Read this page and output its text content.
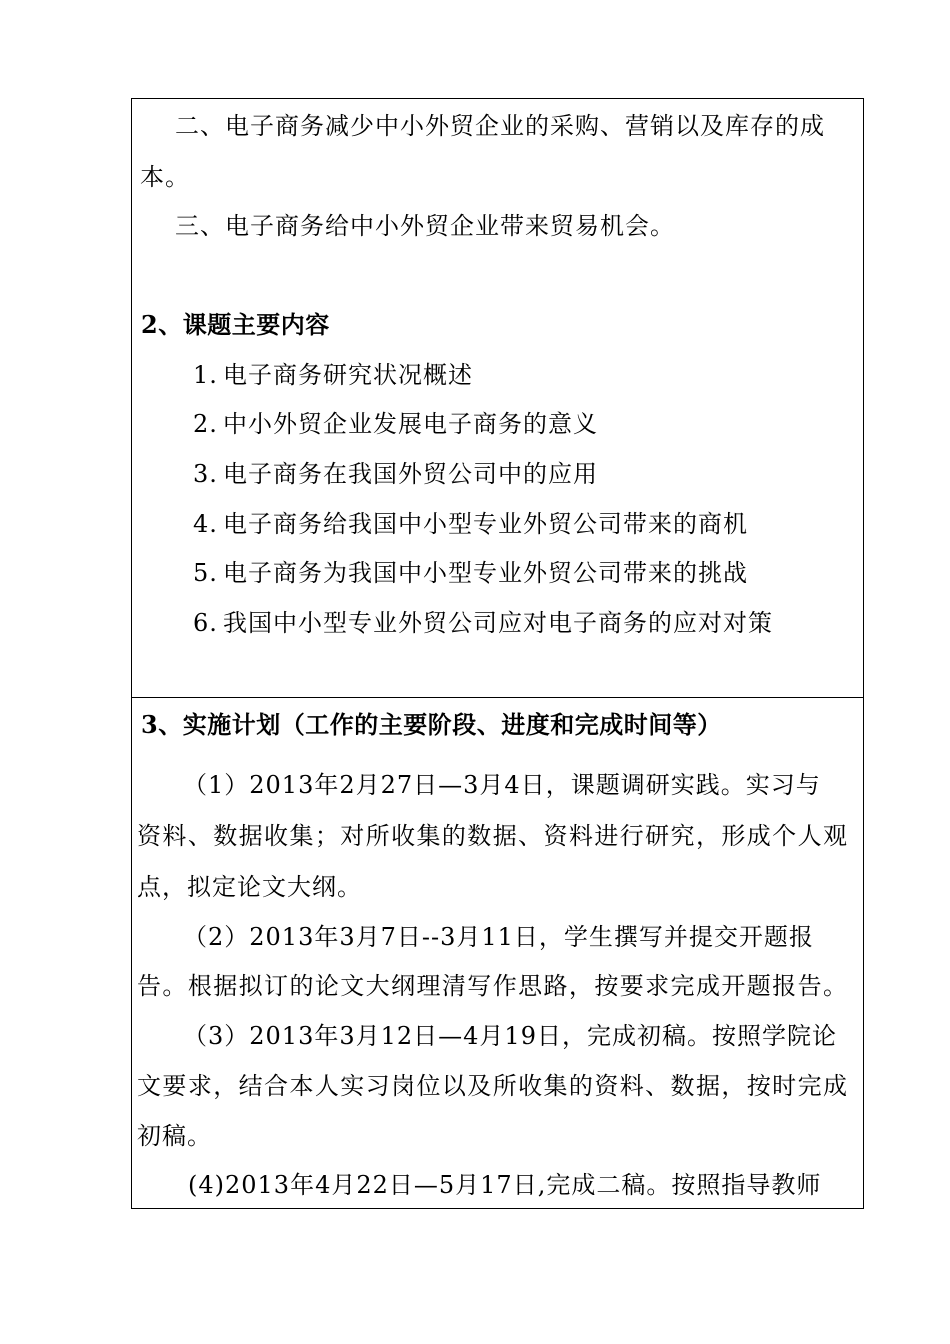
二、电子商务减少中小外贸企业的采购、营销以及库存的成
本。
三、电子商务给中小外贸企业带来贸易机会。
2、课题主要内容
1. 电子商务研究状况概述
2. 中小外贸企业发展电子商务的意义
3. 电子商务在我国外贸公司中的应用
4. 电子商务给我国中小型专业外贸公司带来的商机
5. 电子商务为我国中小型专业外贸公司带来的挑战
6. 我国中小型专业外贸公司应对电子商务的应对对策
3、实施计划（工作的主要阶段、进度和完成时间等）
（1）2013年2月27日—3月4日，课题调研实践。实习与
资料、数据收集；对所收集的数据、资料进行研究，形成个人观
点，拟定论文大纲。
（2）2013年3月7日--3月11日，学生撰写并提交开题报
告。根据拟订的论文大纲理清写作思路，按要求完成开题报告。
（3）2013年3月12日—4月19日，完成初稿。按照学院论
文要求，结合本人实习岗位以及所收集的资料、数据，按时完成
初稿。
(4)2013年4月22日—5月17日,完成二稿。按照指导教师
